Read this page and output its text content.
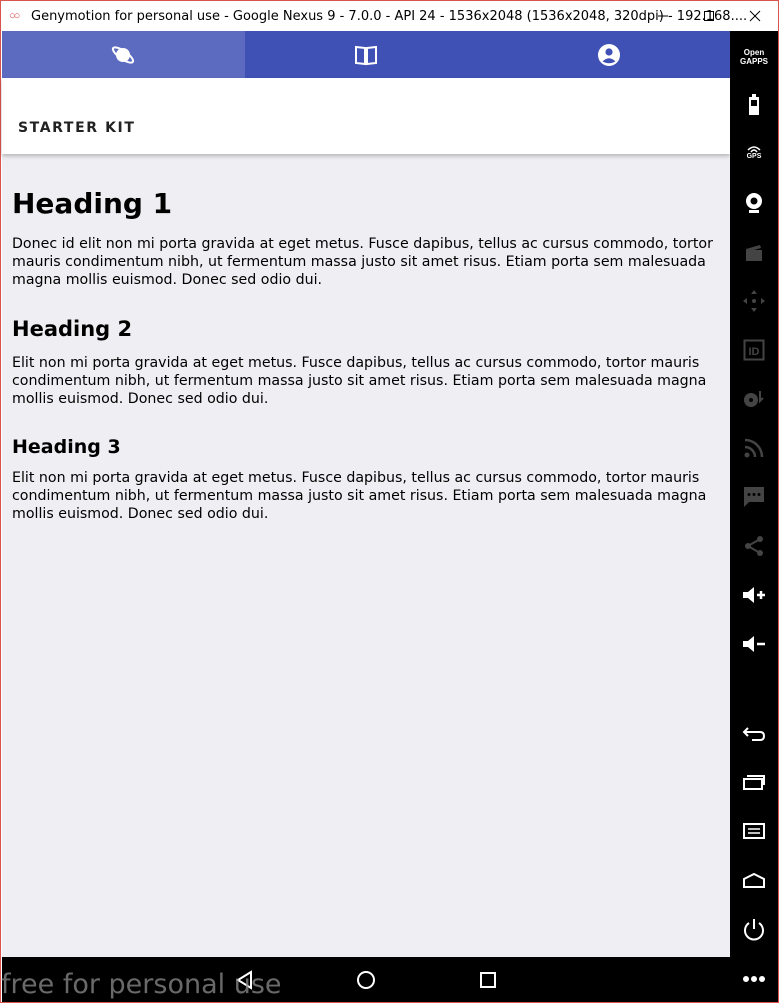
○○ Genymotion for personal use - Google Nexus 9 - 7.0.0 - API 24 - 1536x2048 (1536x2048, 320dpi) - 192.168....
STARTER KIT
Heading 1

Donec id elit non mi porta gravida at eget metus. Fusce dapibus, tellus ac cursus commodo, tortor mauris condimentum nibh, ut fermentum massa justo sit amet risus. Etiam porta sem malesuada magna mollis euismod. Donec sed odio dui.

Heading 2

Elit non mi porta gravida at eget metus. Fusce dapibus, tellus ac cursus commodo, tortor mauris condimentum nibh, ut fermentum massa justo sit amet risus. Etiam porta sem malesuada magna mollis euismod. Donec sed odio dui.

Heading 3

Elit non mi porta gravida at eget metus. Fusce dapibus, tellus ac cursus commodo, tortor mauris condimentum nibh, ut fermentum massa justo sit amet risus. Etiam porta sem malesuada magna mollis euismod. Donec sed odio dui.

free for personal use
Open
GAPPS
GPS
ID
